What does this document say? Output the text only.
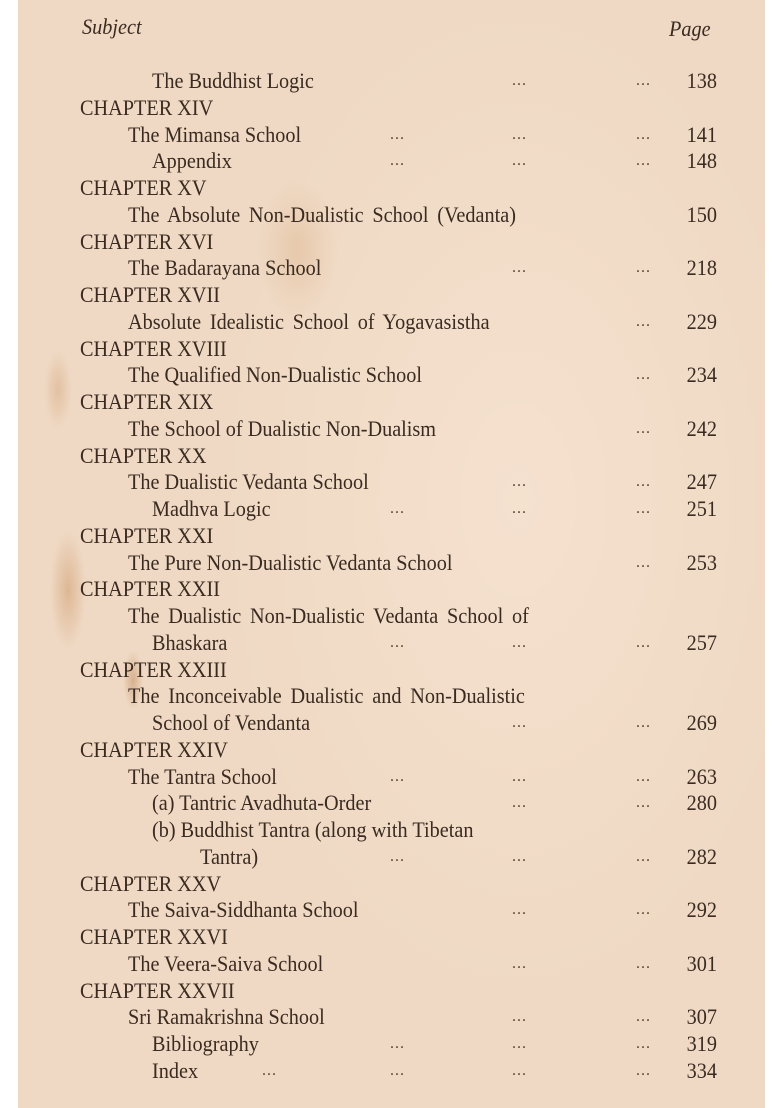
Subject	Page
The Buddhist Logic	...	...	138
CHAPTER XIV
The Mimansa School	...	...	...	141
Appendix	...	...	...	148
CHAPTER XV
The Absolute Non-Dualistic School (Vedanta)	150
CHAPTER XVI
The Badarayana School	...	...	218
CHAPTER XVII
Absolute Idealistic School of Yogavasistha	...	229
CHAPTER XVIII
The Qualified Non-Dualistic School	...	234
CHAPTER XIX
The School of Dualistic Non-Dualism	...	242
CHAPTER XX
The Dualistic Vedanta School	...	...	247
Madhva Logic	...	...	...	251
CHAPTER XXI
The Pure Non-Dualistic Vedanta School	...	253
CHAPTER XXII
The Dualistic Non-Dualistic Vedanta School of
Bhaskara	...	...	...	257
CHAPTER XXIII
The Inconceivable Dualistic and Non-Dualistic
School of Vendanta	...	...	269
CHAPTER XXIV
The Tantra School	...	...	...	263
(a) Tantric Avadhuta-Order	...	...	280
(b) Buddhist Tantra (along with Tibetan
Tantra)	...	...	...	282
CHAPTER XXV
The Saiva-Siddhanta School	...	...	292
CHAPTER XXVI
The Veera-Saiva School	...	...	301
CHAPTER XXVII
Sri Ramakrishna School	...	...	307
Bibliography	...	...	...	319
Index	...	...	...	...	334
